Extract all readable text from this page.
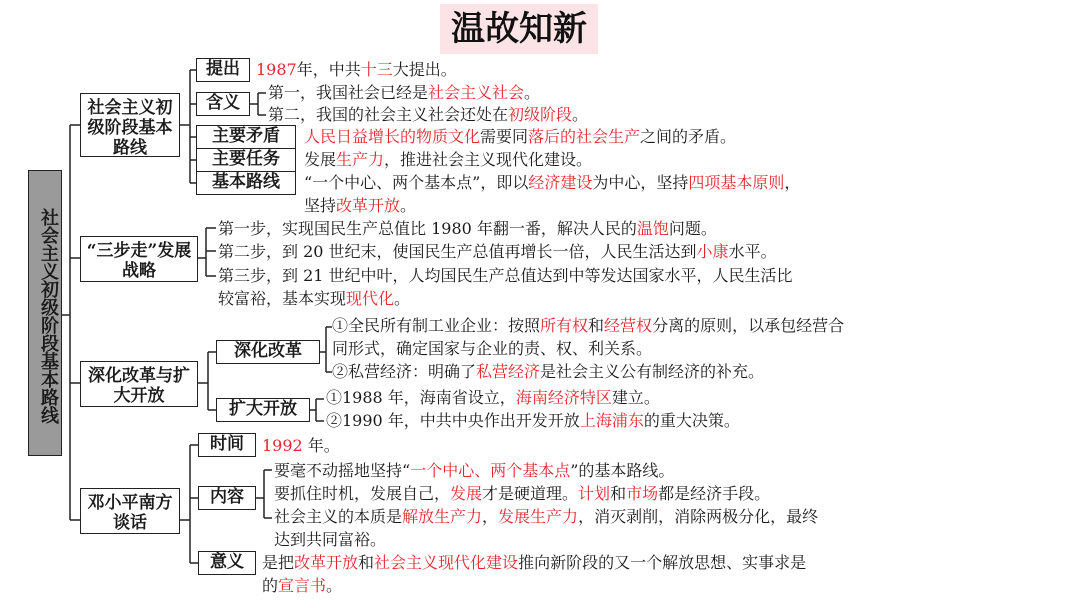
温故知新
社会主义初级阶段基本路线
社会主义初级阶段基本路线
“三步走”发展战略
深化改革与扩大开放
邓小平南方谈话
提出
含义
主要矛盾
主要任务
基本路线
深化改革
扩大开放
时间
内容
意义
1987年，中共十三大提出。
第一，我国社会已经是社会主义社会。
第二，我国的社会主义社会还处在初级阶段。
人民日益增长的物质文化需要同落后的社会生产之间的矛盾。
发展生产力，推进社会主义现代化建设。
“一个中心、两个基本点”，即以经济建设为中心，坚持四项基本原则，
坚持改革开放。
第一步，实现国民生产总值比 1980 年翻一番，解决人民的温饱问题。
第二步，到 20 世纪末，使国民生产总值再增长一倍，人民生活达到小康水平。
第三步，到 21 世纪中叶，人均国民生产总值达到中等发达国家水平，人民生活比
较富裕，基本实现现代化。
①全民所有制工业企业：按照所有权和经营权分离的原则，以承包经营合
同形式，确定国家与企业的责、权、利关系。
②私营经济：明确了私营经济是社会主义公有制经济的补充。
①1988 年，海南省设立，海南经济特区建立。
②1990 年，中共中央作出开发开放上海浦东的重大决策。
1992 年。
要毫不动摇地坚持“一个中心、两个基本点”的基本路线。
要抓住时机，发展自己，发展才是硬道理。计划和市场都是经济手段。
社会主义的本质是解放生产力，发展生产力，消灭剥削，消除两极分化，最终
达到共同富裕。
是把改革开放和社会主义现代化建设推向新阶段的又一个解放思想、实事求是
的宣言书。
